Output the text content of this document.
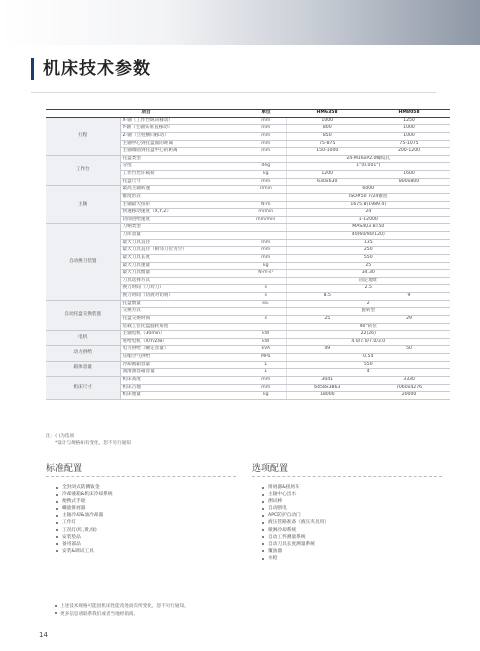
机床技术参数
项目		单位	HM635Ⅱ	HM805Ⅱ
行程	X-轴（工作台纵向移动）	mm	1000	1250
	Y-轴（主轴头垂直移动）	mm	800	1000
	Z-轴（立柱横向移动）	mm	850	1000
	主轴中心到托盘面的距离	mm	75-875	75-1075
	主轴端面到托盘中心的距离	mm	150-1000	200-1200
工作台	托盘类型		24-M16xP2.0螺纹孔	
	分度	deg	1°(0.001°)	
	工作台允许载荷	kg	1200	1600
	托盘尺寸	mm	630x630	800x800
主轴	最高主轴转速	r/min	6000	
	锥度形式		ISO#50 7/24锥度	
	主轴最大扭矩	N·m	1675.8(1989.4)	
	快速移动速度（X,Y,Z）	m/min	24	
	切削进给速度	mm/min	1-12000	
自动换刀装置	刀柄类型		MAS403 BT50	
	刀库容量		40(60/90/120)	
	最大刀具直径	mm	135	
	最大刀具直径（相邻刀位为空）	mm	250	
	最大刀具长度	mm	550	
	最大刀具重量	kg	25	
	最大刀具惯量	N·m·s²	34.30	
	刀具选择方式		固定地址	
	换刀时间（刀对刀）	s	2.5	
	换刀时间（切屑对切屑）	s	8.5	9
自动托盘交换装置	托盘数量	ea.	2	
	交换方式		旋转型	
	托盘交换时间	s	25	29
	装载工位托盘旋转角度		90°转位	
电机	主轴电机（30min）	kW	22(26)	
	进给电机（X/Y/Z/B）	kW	4.0/7.0/7.0/3.0	
动力供给	电力供给（额定容量）	kVA	49	50
	压缩空气供给	MPa	0.54	
箱体容量	冷却液箱容量	L	550	
	润滑油容箱容量	L	4	
机床尺寸	机床高度	mm	3041	3330
	机床占地	mm	6458x3863	7060x4276
	机床重量	kg	18000	20000
注：( )为选项
*设计与规格如有变化，恕不另行通知
标准配置
全封闭式防溅钣金
冷却液箱&机床冷却系统
便携式手轮
螺旋排屑器
主轴冷却&油冷却器
工作灯
工况灯(红,黄,绿)
安装垫品
备用部品
安装&调试工具
选项配置
排屑器&接屑车
主轴中心出水
测试棒
自动断电
APC防护自动门
液压管路准备（液压夹具用）
喷淋冷却系统
自动工件测量系统
自动刀具长度测量系统
覆油器
水枪
上述技术规格可能因机床性能改进而有所变化，恕不另行通知。
更多信息请联系我们或者当地经销商。
14
